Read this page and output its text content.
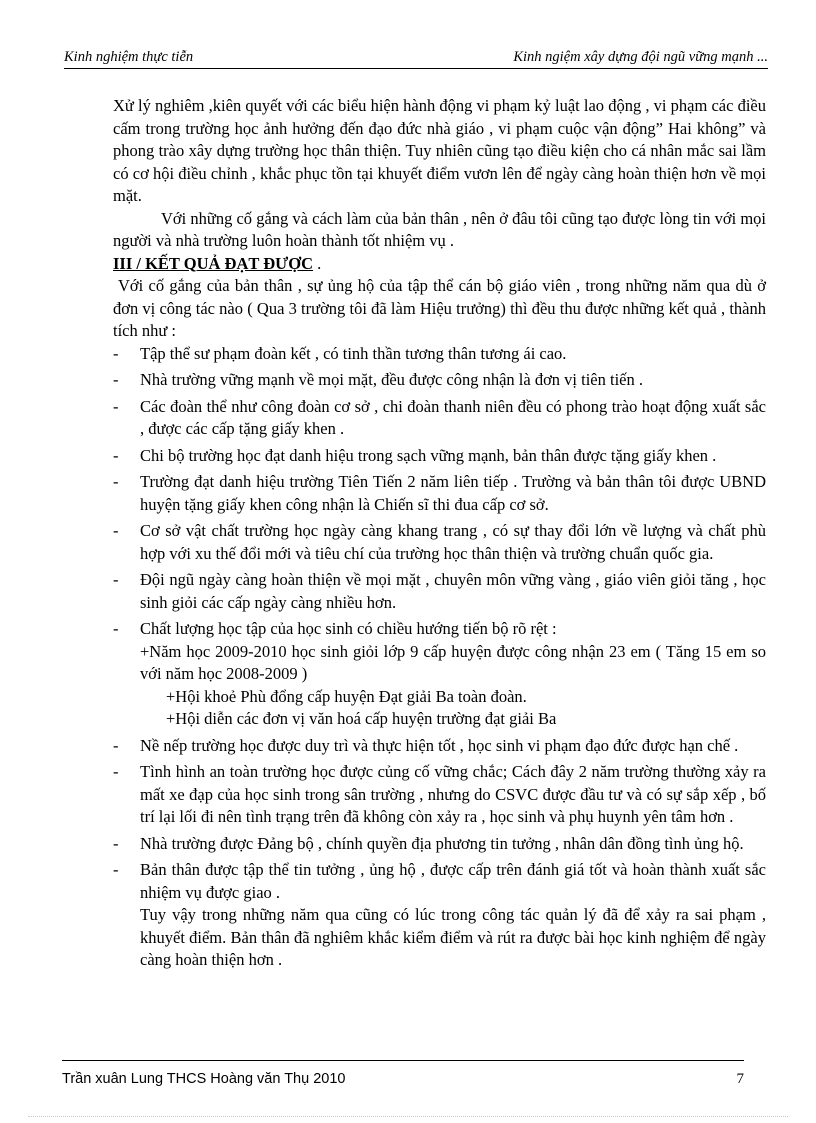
Kinh nghiệm thực tiễn	Kinh ngiệm xây dựng đội ngũ vững mạnh ...

Xử lý nghiêm ,kiên quyết với các biểu hiện hành động vi phạm kỷ luật lao động , vi phạm các điều cấm trong trường học ảnh hưởng đến đạo đức nhà giáo , vi phạm cuộc vận động” Hai không” và phong trào xây dựng trường học thân thiện. Tuy nhiên cũng tạo điều kiện cho cá nhân mắc sai lầm có cơ hội điều chỉnh , khắc phục tồn tại khuyết điểm vươn lên để ngày càng hoàn thiện hơn về mọi mặt.

Với những cố gắng và cách làm của bản thân , nên ở đâu tôi cũng tạo được lòng tin với mọi người và nhà trường luôn hoàn thành tốt nhiệm vụ .

III / KẾT QUẢ ĐẠT ĐƯỢC .

Với cố gắng của bản thân , sự ủng hộ của tập thể cán bộ giáo viên , trong những năm qua dù ở đơn vị công tác nào ( Qua 3 trường tôi đã làm Hiệu trưởng) thì đều thu được những kết quả , thành tích như :

- Tập thể sư phạm đoàn kết , có tinh thần tương thân tương ái cao.
- Nhà trường vững mạnh về mọi mặt, đều được công nhận là đơn vị tiên tiến .
- Các đoàn thể như công đoàn cơ sở , chi đoàn thanh niên đều có phong trào hoạt động xuất sắc , được các cấp tặng giấy khen .
- Chi bộ trường học đạt danh hiệu trong sạch vững mạnh, bản thân được tặng giấy khen .
- Trường đạt danh hiệu trường Tiên Tiến 2 năm liên tiếp . Trường và bản thân tôi được UBND huyện tặng giấy khen công nhận là Chiến sĩ thi đua cấp cơ sở.
- Cơ sở vật chất trường học ngày càng khang trang , có sự thay đổi lớn về lượng và chất phù hợp với xu thế đổi mới và tiêu chí của trường học thân thiện và trường chuẩn quốc gia.
- Đội ngũ ngày càng hoàn thiện về mọi mặt , chuyên môn vững vàng , giáo viên giỏi tăng , học sinh giỏi các cấp ngày càng nhiều hơn.
- Chất lượng học tập của học sinh có chiều hướng tiến bộ rõ rệt :

+Năm học 2009-2010 học sinh giỏi lớp 9 cấp huyện được công nhận 23 em ( Tăng 15 em so với năm học 2008-2009 )

+Hội khoẻ Phù đổng cấp huyện Đạt giải Ba toàn đoàn.

+Hội diễn các đơn vị văn hoá cấp huyện trường đạt giải Ba

- Nề nếp trường học được duy trì và thực hiện tốt , học sinh vi phạm đạo đức được hạn chế .
- Tình hình an toàn trường học được củng cố vững chắc; Cách đây 2 năm trường thường xảy ra mất xe đạp của học sinh trong sân trường , nhưng do CSVC được đầu tư và có sự sắp xếp , bố trí lại lối đi nên tình trạng trên đã không còn xảy ra , học sinh và phụ huynh yên tâm hơn .
- Nhà trường được Đảng bộ , chính quyền địa phương tin tưởng , nhân dân đồng tình ủng hộ.
- Bản thân được tập thể tin tưởng , ủng hộ , được cấp trên đánh giá tốt và hoàn thành xuất sắc nhiệm vụ được giao .

Tuy vậy trong những năm qua cũng có lúc trong công tác quản lý đã để xảy ra sai phạm , khuyết điểm. Bản thân đã nghiêm khắc kiểm điểm và rút ra được bài học kinh nghiệm để ngày càng hoàn thiện hơn .

Trần xuân Lung THCS Hoàng văn Thụ 2010	7
